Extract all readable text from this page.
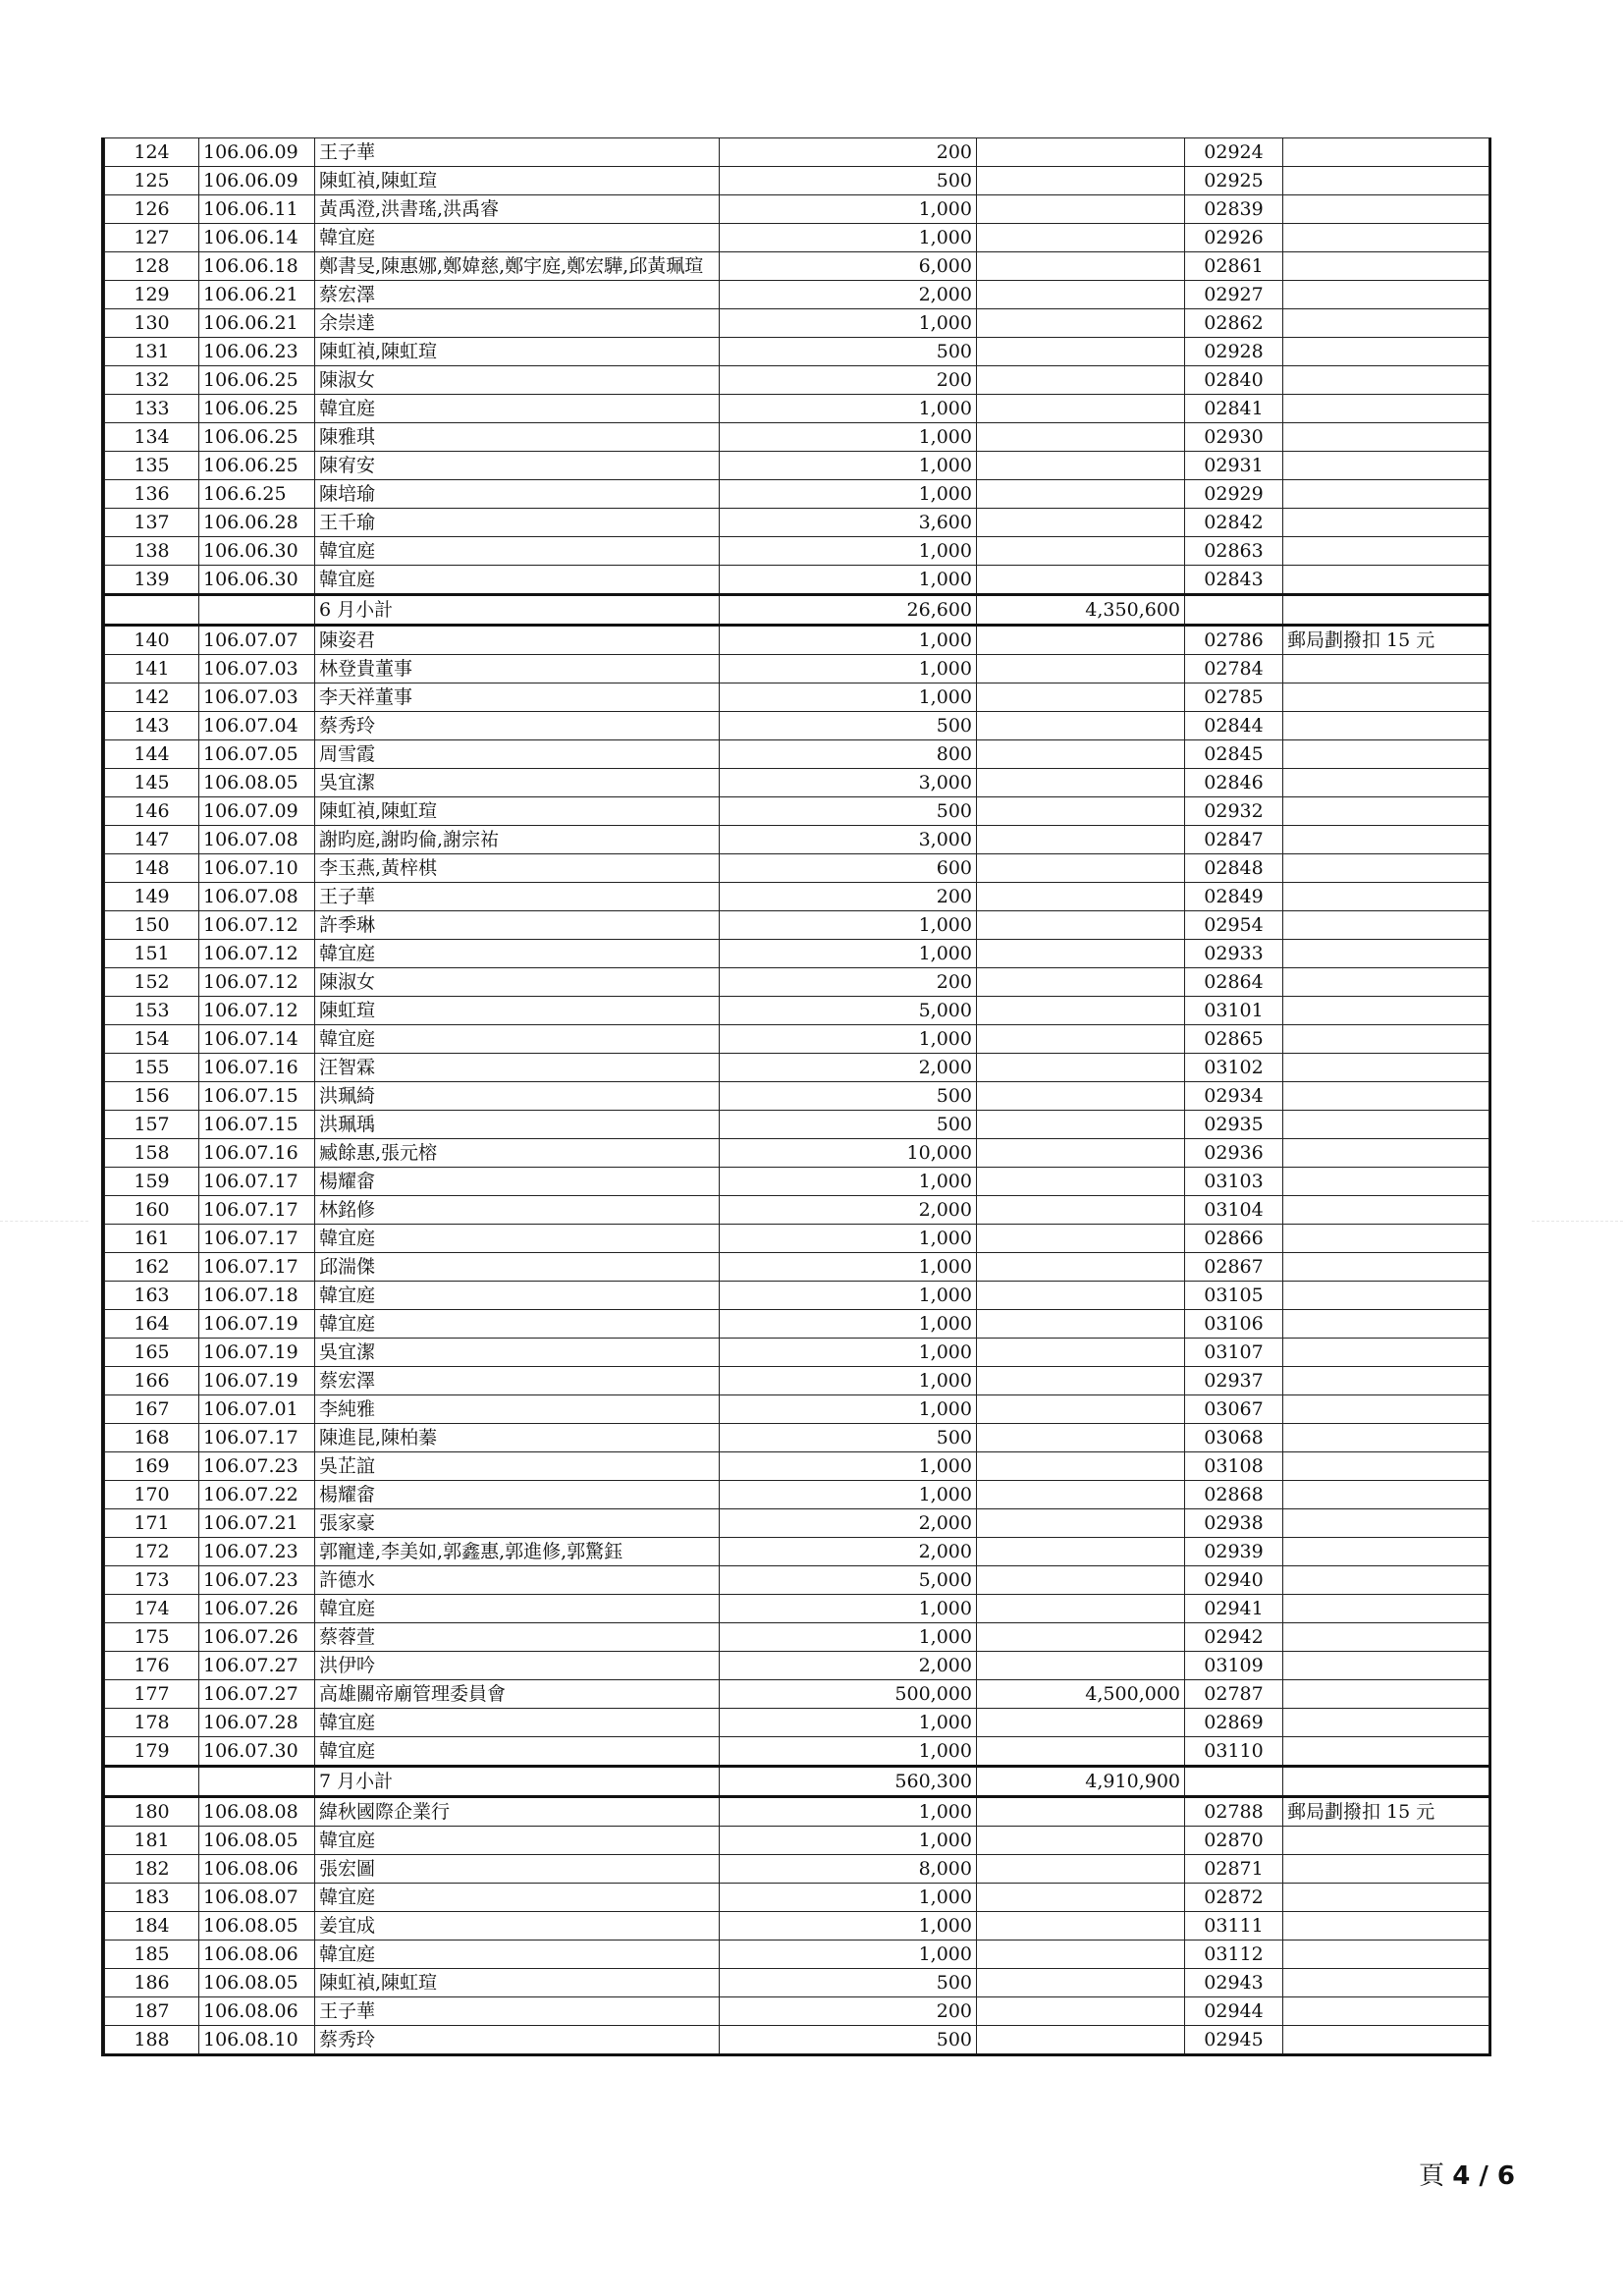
124	106.06.09	王子華	200		02924	
125	106.06.09	陳虹禎,陳虹瑄	500		02925	
126	106.06.11	黃禹澄,洪書瑤,洪禹睿	1,000		02839	
127	106.06.14	韓宜庭	1,000		02926	
128	106.06.18	鄭書旻,陳惠娜,鄭媁慈,鄭宇庭,鄭宏驊,邱黃珮瑄	6,000		02861	
129	106.06.21	蔡宏澤	2,000		02927	
130	106.06.21	余崇達	1,000		02862	
131	106.06.23	陳虹禎,陳虹瑄	500		02928	
132	106.06.25	陳淑女	200		02840	
133	106.06.25	韓宜庭	1,000		02841	
134	106.06.25	陳雅琪	1,000		02930	
135	106.06.25	陳宥安	1,000		02931	
136	106.6.25	陳培瑜	1,000		02929	
137	106.06.28	王千瑜	3,600		02842	
138	106.06.30	韓宜庭	1,000		02863	
139	106.06.30	韓宜庭	1,000		02843	
		6 月小計	26,600	4,350,600		
140	106.07.07	陳姿君	1,000		02786	郵局劃撥扣 15 元
141	106.07.03	林登貴董事	1,000		02784	
142	106.07.03	李天祥董事	1,000		02785	
143	106.07.04	蔡秀玲	500		02844	
144	106.07.05	周雪霞	800		02845	
145	106.08.05	吳宜潔	3,000		02846	
146	106.07.09	陳虹禎,陳虹瑄	500		02932	
147	106.07.08	謝昀庭,謝昀倫,謝宗祐	3,000		02847	
148	106.07.10	李玉燕,黃梓棋	600		02848	
149	106.07.08	王子華	200		02849	
150	106.07.12	許季琳	1,000		02954	
151	106.07.12	韓宜庭	1,000		02933	
152	106.07.12	陳淑女	200		02864	
153	106.07.12	陳虹瑄	5,000		03101	
154	106.07.14	韓宜庭	1,000		02865	
155	106.07.16	汪智霖	2,000		03102	
156	106.07.15	洪珮綺	500		02934	
157	106.07.15	洪珮瑀	500		02935	
158	106.07.16	臧餘惠,張元榕	10,000		02936	
159	106.07.17	楊耀畲	1,000		03103	
160	106.07.17	林銘修	2,000		03104	
161	106.07.17	韓宜庭	1,000		02866	
162	106.07.17	邱湍傑	1,000		02867	
163	106.07.18	韓宜庭	1,000		03105	
164	106.07.19	韓宜庭	1,000		03106	
165	106.07.19	吳宜潔	1,000		03107	
166	106.07.19	蔡宏澤	1,000		02937	
167	106.07.01	李純雅	1,000		03067	
168	106.07.17	陳進昆,陳柏蓁	500		03068	
169	106.07.23	吳芷誼	1,000		03108	
170	106.07.22	楊耀畲	1,000		02868	
171	106.07.21	張家豪	2,000		02938	
172	106.07.23	郭寵達,李美如,郭鑫惠,郭進修,郭驚鈺	2,000		02939	
173	106.07.23	許德水	5,000		02940	
174	106.07.26	韓宜庭	1,000		02941	
175	106.07.26	蔡蓉萱	1,000		02942	
176	106.07.27	洪伊吟	2,000		03109	
177	106.07.27	高雄關帝廟管理委員會	500,000	4,500,000	02787	
178	106.07.28	韓宜庭	1,000		02869	
179	106.07.30	韓宜庭	1,000		03110	
		7 月小計	560,300	4,910,900		
180	106.08.08	緯秋國際企業行	1,000		02788	郵局劃撥扣 15 元
181	106.08.05	韓宜庭	1,000		02870	
182	106.08.06	張宏圖	8,000		02871	
183	106.08.07	韓宜庭	1,000		02872	
184	106.08.05	姜宜成	1,000		03111	
185	106.08.06	韓宜庭	1,000		03112	
186	106.08.05	陳虹禎,陳虹瑄	500		02943	
187	106.08.06	王子華	200		02944	
188	106.08.10	蔡秀玲	500		02945	
頁 4 / 6
